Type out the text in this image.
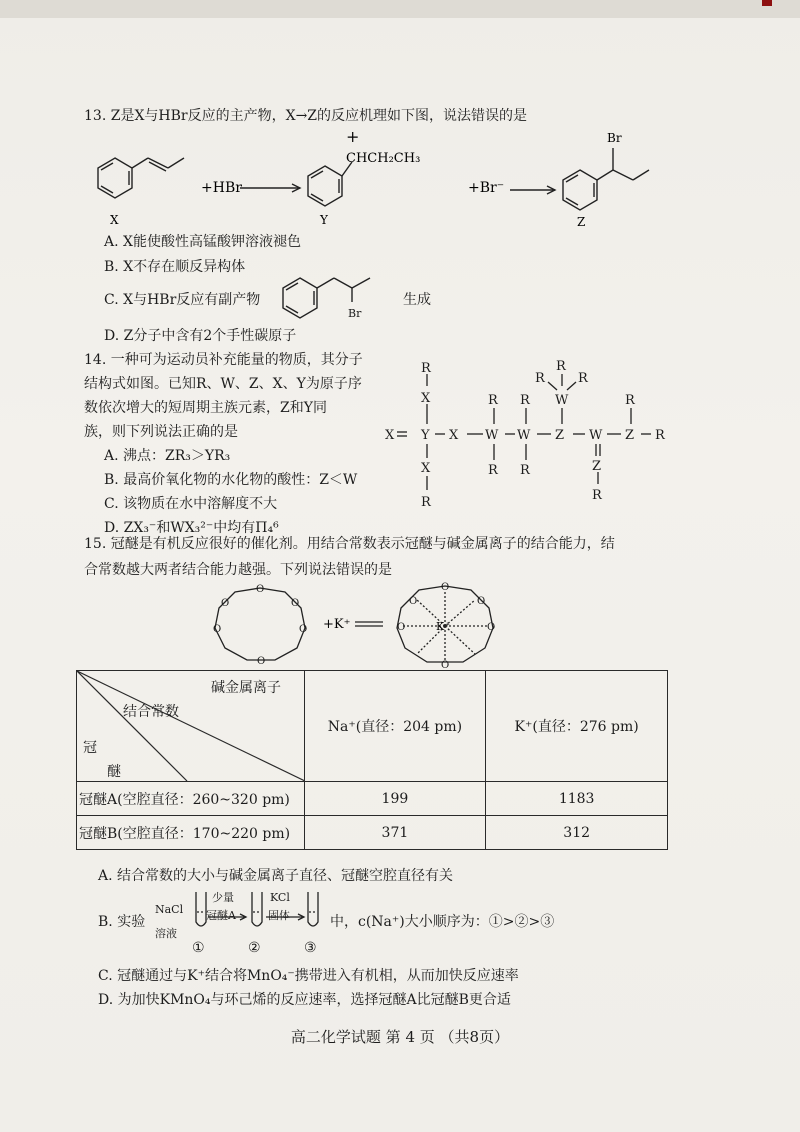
13. Z是X与HBr反应的主产物，X→Z的反应机理如下图，说法错误的是
+HBr
+
CHCH₂CH₃
+Br⁻
Br
X	Y	Z
A. X能使酸性高锰酸钾溶液褪色
B. X不存在顺反异构体
C. X与HBr反应有副产物
Br
生成
D. Z分子中含有2个手性碳原子
14. 一种可为运动员补充能量的物质，其分子
结构式如图。已知R、W、Z、X、Y为原子序
数依次增大的短周期主族元素，Z和Y同
族，则下列说法正确的是
A. 沸点：ZR₃＞YR₃
B. 最高价氧化物的水化物的酸性：Z＜W
C. 该物质在水中溶解度不大
D. ZX₃⁻和WX₃²⁻中均有Π₄⁶
X Y
R
X
X
R
X W
R
R
W
R
R
Z
W
R
R	R
W
Z
R
Z
R
R
15. 冠醚是有机反应很好的催化剂。用结合常数表示冠醚与碱金属离子的结合能力，结
合常数越大两者结合能力越强。下列说法错误的是
O
O
O
O
O
O
O
O
O
O
O
O
+K⁺	K⁺
碱金属离子
结合常数
冠
醚	Na⁺(直径：204 pm)	K⁺(直径：276 pm)
冠醚A(空腔直径：260~320 pm)	199	1183
冠醚B(空腔直径：170~220 pm)	371	312
A. 结合常数的大小与碱金属离子直径、冠醚空腔直径有关
B. 实验
NaCl
溶液
少量
冠醚A
KCl
固体
①	②	③
中，c(Na⁺)大小顺序为：①>②>③
C. 冠醚通过与K⁺结合将MnO₄⁻携带进入有机相，从而加快反应速率
D. 为加快KMnO₄与环己烯的反应速率，选择冠醚A比冠醚B更合适
高二化学试题 第 4 页 （共8页）
